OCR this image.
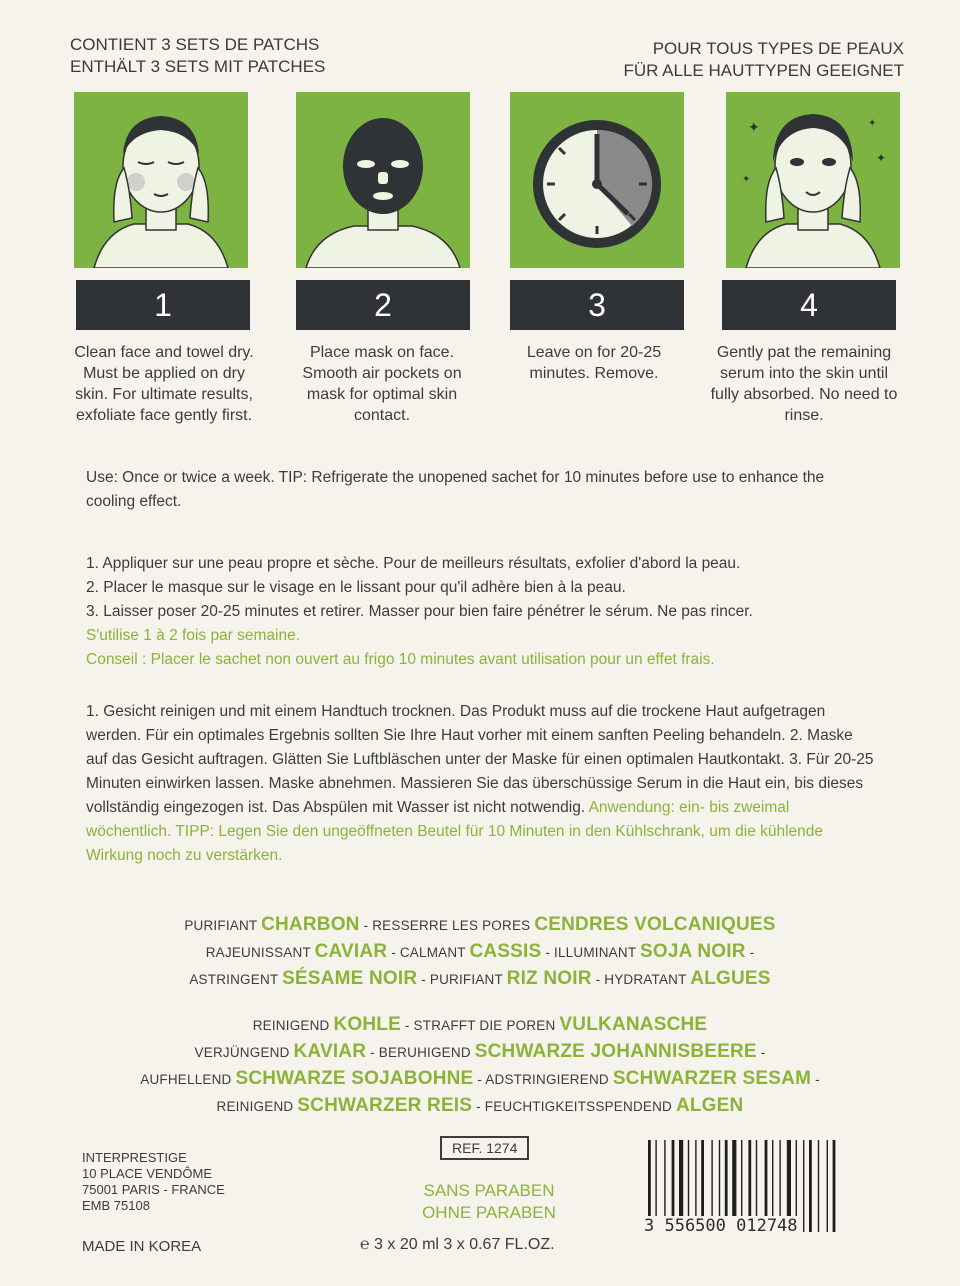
CONTIENT 3 SETS DE PATCHS
ENTHÄLT 3 SETS MIT PATCHES
POUR TOUS TYPES DE PEAUX
FÜR ALLE HAUTTYPEN GEEIGNET
✦	✦
✦
✦
1	2	3	4
Clean face and towel dry. Must be applied on dry skin. For ultimate results, exfoliate face gently first.
Place mask on face. Smooth air pockets on mask for optimal skin contact.
Leave on for 20-25 minutes. Remove.
Gently pat the remaining serum into the skin until fully absorbed. No need to rinse.
Use: Once or twice a week. TIP: Refrigerate the unopened sachet for 10 minutes before use to enhance the cooling effect.
1. Appliquer sur une peau propre et sèche. Pour de meilleurs résultats, exfolier d'abord la peau.
2. Placer le masque sur le visage en le lissant pour qu'il adhère bien à la peau.
3. Laisser poser 20-25 minutes et retirer. Masser pour bien faire pénétrer le sérum. Ne pas rincer.
S'utilise 1 à 2 fois par semaine.
Conseil : Placer le sachet non ouvert au frigo 10 minutes avant utilisation pour un effet frais.
1. Gesicht reinigen und mit einem Handtuch trocknen. Das Produkt muss auf die trockene Haut aufgetragen werden. Für ein optimales Ergebnis sollten Sie Ihre Haut vorher mit einem sanften Peeling behandeln. 2. Maske auf das Gesicht auftragen. Glätten Sie Luftbläschen unter der Maske für einen optimalen Hautkontakt. 3. Für 20-25 Minuten einwirken lassen. Maske abnehmen. Massieren Sie das überschüssige Serum in die Haut ein, bis dieses vollständig eingezogen ist. Das Abspülen mit Wasser ist nicht notwendig. Anwendung: ein- bis zweimal wöchentlich. TIPP: Legen Sie den ungeöffneten Beutel für 10 Minuten in den Kühlschrank, um die kühlende Wirkung noch zu verstärken.
PURIFIANT CHARBON - RESSERRE LES PORES CENDRES VOLCANIQUES
RAJEUNISSANT CAVIAR - CALMANT CASSIS - ILLUMINANT SOJA NOIR -
ASTRINGENT SÉSAME NOIR - PURIFIANT RIZ NOIR - HYDRATANT ALGUES
REINIGEND KOHLE - STRAFFT DIE POREN VULKANASCHE
VERJÜNGEND KAVIAR - BERUHIGEND SCHWARZE JOHANNISBEERE -
AUFHELLEND SCHWARZE SOJABOHNE - ADSTRINGIEREND SCHWARZER SESAM -
REINIGEND SCHWARZER REIS - FEUCHTIGKEITSSPENDEND ALGEN
INTERPRESTIGE
10 PLACE VENDÔME
75001 PARIS - FRANCE
EMB 75108
MADE IN KOREA
REF. 1274
SANS PARABEN
OHNE PARABEN
℮ 3 x 20 ml 3 x 0.67 FL.OZ.
3 556500 012748
